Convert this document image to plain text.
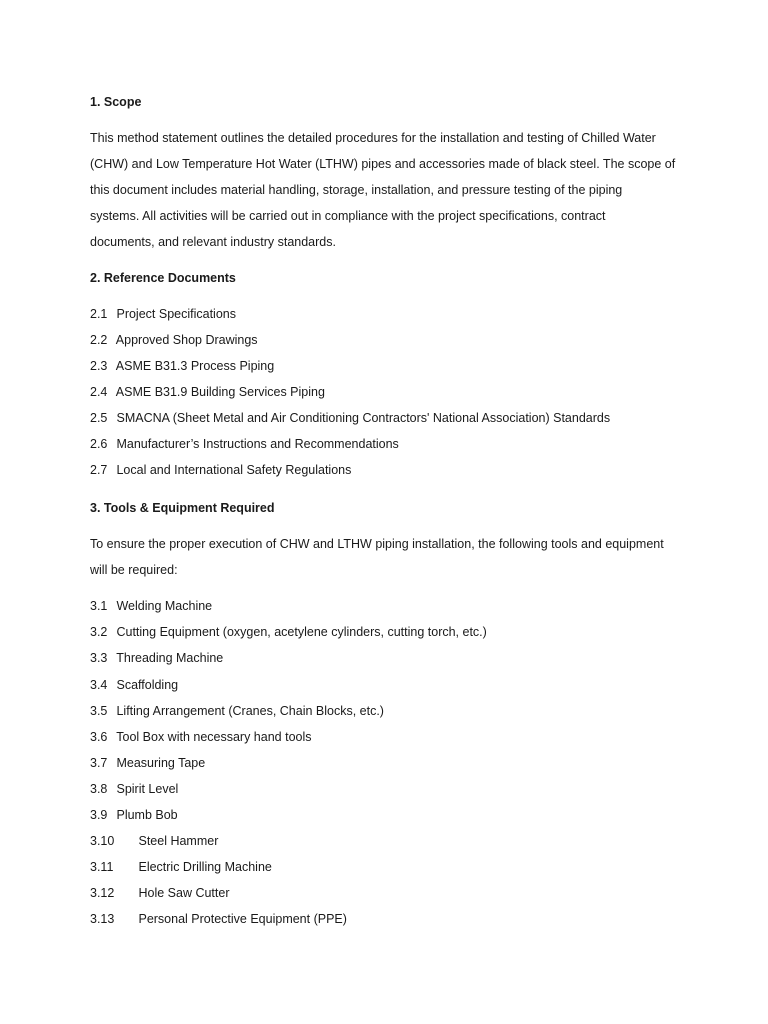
1. Scope
This method statement outlines the detailed procedures for the installation and testing of Chilled Water
(CHW) and Low Temperature Hot Water (LTHW) pipes and accessories made of black steel. The scope of
this document includes material handling, storage, installation, and pressure testing of the piping
systems. All activities will be carried out in compliance with the project specifications, contract
documents, and relevant industry standards.
2. Reference Documents
2.1 Project Specifications
2.2 Approved Shop Drawings
2.3 ASME B31.3 Process Piping
2.4 ASME B31.9 Building Services Piping
2.5 SMACNA (Sheet Metal and Air Conditioning Contractors' National Association) Standards
2.6 Manufacturer’s Instructions and Recommendations
2.7 Local and International Safety Regulations
3. Tools & Equipment Required
To ensure the proper execution of CHW and LTHW piping installation, the following tools and equipment
will be required:
3.1 Welding Machine
3.2 Cutting Equipment (oxygen, acetylene cylinders, cutting torch, etc.)
3.3 Threading Machine
3.4 Scaffolding
3.5 Lifting Arrangement (Cranes, Chain Blocks, etc.)
3.6 Tool Box with necessary hand tools
3.7 Measuring Tape
3.8 Spirit Level
3.9 Plumb Bob
3.10 Steel Hammer
3.11 Electric Drilling Machine
3.12 Hole Saw Cutter
3.13 Personal Protective Equipment (PPE)
